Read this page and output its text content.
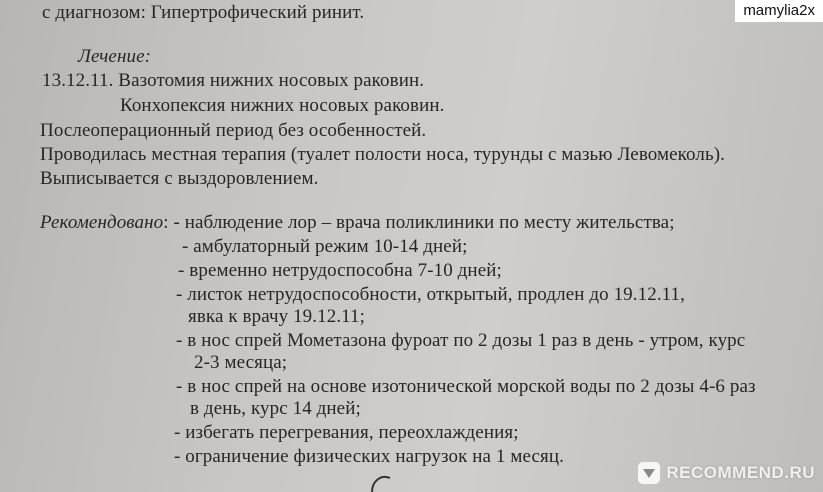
с диагнозом: Гипертрофический ринит.
Лечение:
13.12.11. Вазотомия нижних носовых раковин.
Конхопексия нижних носовых раковин.
Послеоперационный период без особенностей.
Проводилась местная терапия (туалет полости носа, турунды с мазью Левомеколь).
Выписывается с выздоровлением.
Рекомендовано: - наблюдение лор – врача поликлиники по месту жительства;
- амбулаторный режим 10-14 дней;
- временно нетрудоспособна 7-10 дней;
- листок нетрудоспособности, открытый, продлен до 19.12.11,
явка к врачу 19.12.11;
- в нос спрей Мометазона фуроат по 2 дозы 1 раз в день - утром, курс
2-3 месяца;
- в нос спрей на основе изотонической морской воды по 2 дозы 4-6 раз
в день, курс 14 дней;
- избегать перегревания, переохлаждения;
- ограничение физических нагрузок на 1 месяц.
mamylia2x
RECOMMEND.RU
